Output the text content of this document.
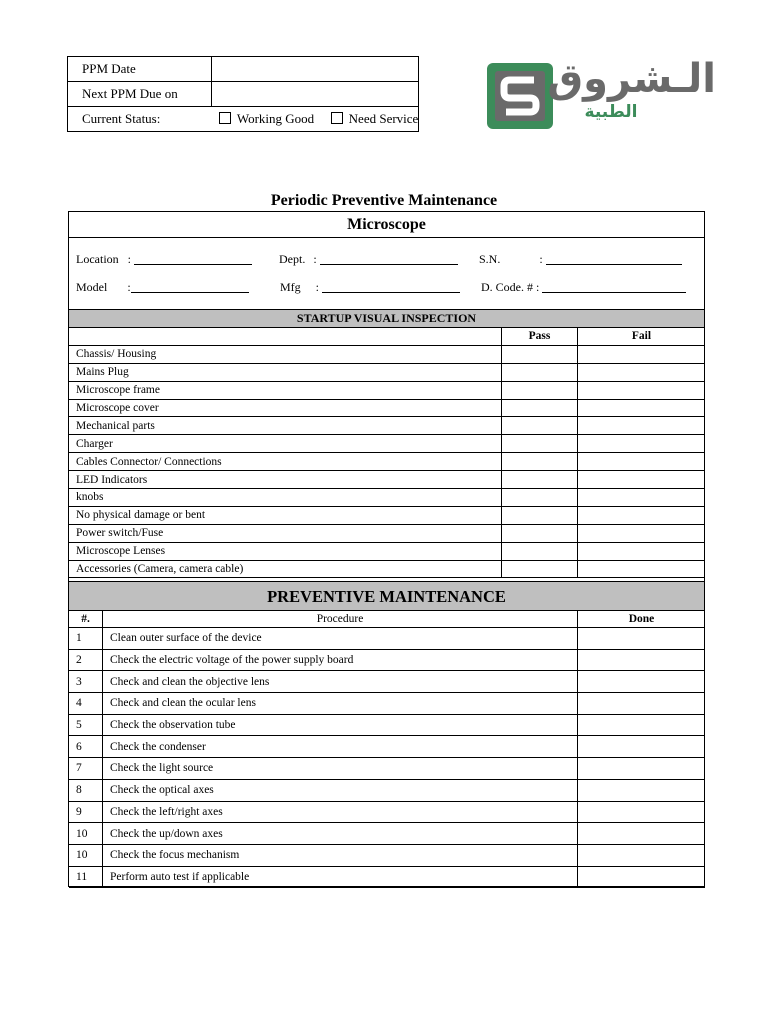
PPM Date	
Next PPM Due on	
Current Status: Working Good Need Service	
الـشروق
الطبية
Periodic Preventive Maintenance
Microscope
Location :	Dept. :	S.N.	:
Model :	Mfg :	D. Code. # :
STARTUP VISUAL INSPECTION
	Pass	Fail
Chassis/ Housing		
Mains Plug		
Microscope frame		
Microscope cover		
Mechanical parts		
Charger		
Cables Connector/ Connections		
LED Indicators		
knobs		
No physical damage or bent		
Power switch/Fuse		
Microscope Lenses		
Accessories (Camera, camera cable)		
PREVENTIVE MAINTENANCE
#.	Procedure	Done
1	Clean outer surface of the device	
2	Check the electric voltage of the power supply board	
3	Check and clean the objective lens	
4	Check and clean the ocular lens	
5	Check the observation tube	
6	Check the condenser	
7	Check the light source	
8	Check the optical axes	
9	Check the left/right axes	
10	Check the up/down axes	
10	Check the focus mechanism	
11	Perform auto test if applicable	
